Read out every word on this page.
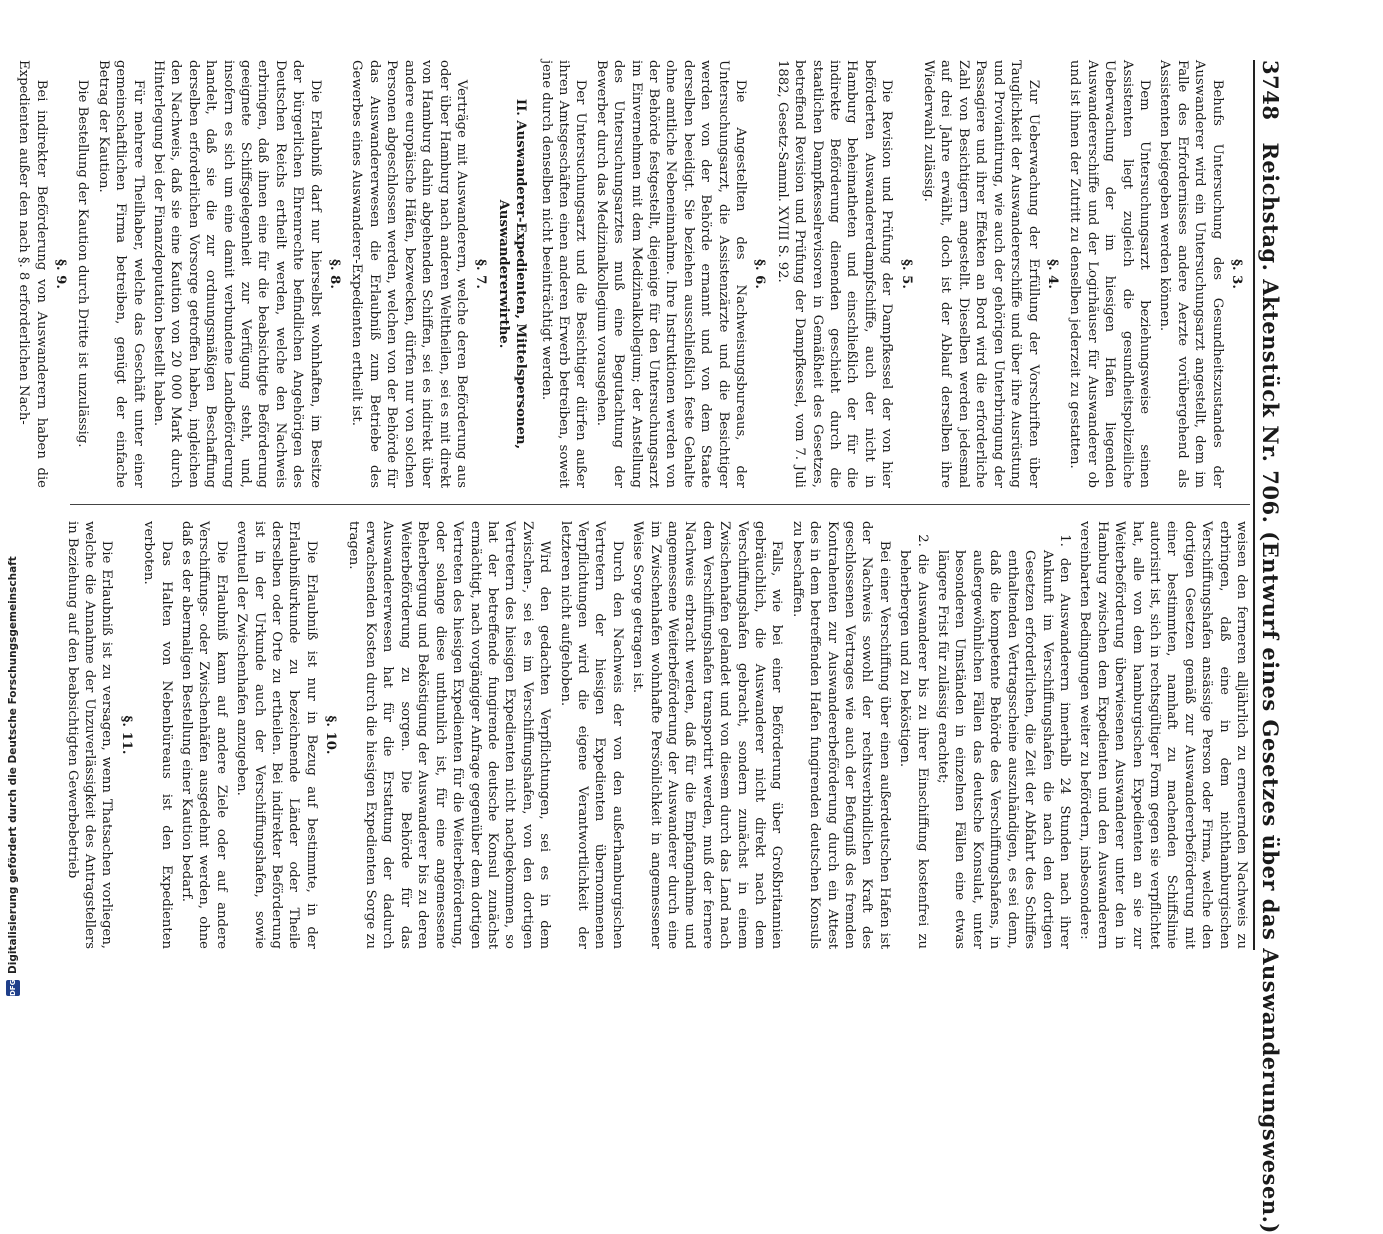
3748
Reichstag. Aktenstück Nr. 706. (Entwurf eines Gesetzes über das Auswanderungswesen.)

§. 3.

Behufs Untersuchung des Gesundheitszustandes der Auswanderer wird ein Untersuchungsarzt angestellt, dem im Falle des Erfordernisses andere Aerzte vorübergehend als Assistenten beigegeben werden können.

Dem Untersuchungsarzt beziehungsweise seinen Assistenten liegt zugleich die gesundheitspolizeiliche Ueberwachung der im hiesigen Hafen liegenden Auswandererschiffe und der Logirhäuser für Auswanderer ob und ist ihnen der Zutritt zu denselben jederzeit zu gestatten.

§. 4.

Zur Ueberwachung der Erfüllung der Vorschriften über Tauglichkeit der Auswandererschiffe und über ihre Ausrüstung und Proviantirung, wie auch der gehörigen Unterbringung der Passagiere und ihrer Effekten an Bord wird die erforderliche Zahl von Besichtigern angestellt. Dieselben werden jedesmal auf drei Jahre erwählt, doch ist der Ablauf derselben ihre Wiederwahl zulässig.

§. 5.

Die Revision und Prüfung der Dampfkessel der von hier beförderten Auswandererdampfschiffe, auch der nicht in Hamburg beheimatheten und einschließlich der für die indirekte Beförderung dienenden geschieht durch die staatlichen Dampfkesselrevisoren in Gemäßheit des Gesetzes, betreffend Revision und Prüfung der Dampfkessel, vom 7. Juli 1882, Gesetz-Samml. XVIII S. 92.

§. 6.

Die Angestellten des Nachweisungsbureaus, der Untersuchungsarzt, die Assistenzärzte und die Besichtiger werden von der Behörde ernannt und von dem Staate derselben beeidigt. Sie beziehen ausschließlich feste Gehalte ohne amtliche Nebeneinnahme. Ihre Instruktionen werden von der Behörde festgestellt, diejenige für den Untersuchungsarzt im Einvernehmen mit dem Medizinalkollegium; der Anstellung des Untersuchungsarztes muß eine Begutachtung der Bewerber durch das Medizinalkollegium vorausgehen.

Der Untersuchungsarzt und die Besichtiger dürfen außer ihren Amtsgeschäften einen anderen Erwerb betreiben, soweit jene durch denselben nicht beeinträchtigt werden.

II. Auswanderer-Expedienten, Mittelspersonen, Auswandererwirthe.

§. 7.

Verträge mit Auswanderern, welche deren Beförderung aus oder über Hamburg nach anderen Welttheilen, sei es mit direkt von Hamburg dahin abgehenden Schiffen, sei es indirekt über andere europäische Häfen, bezwecken, dürfen nur von solchen Personen abgeschlossen werden, welchen von der Behörde für das Auswandererwesen die Erlaubniß zum Betriebe des Gewerbes eines Auswanderer-Expedienten ertheilt ist.

§. 8.

Die Erlaubniß darf nur hierselbst wohnhaften, im Besitze der bürgerlichen Ehrenrechte befindlichen Angehörigen des Deutschen Reichs ertheilt werden, welche den Nachweis erbringen, daß ihnen eine für die beabsichtigte Beförderung geeignete Schiffsgelegenheit zur Verfügung steht, und, insofern es sich um eine damit verbundene Landbeförderung handelt, daß sie die zur ordnungsmäßigen Beschaffung derselben erforderlichen Vorsorge getroffen haben, ingleichen den Nachweis, daß sie eine Kaution von 20 000 Mark durch Hinterlegung bei der Finanzdeputation bestellt haben.

Für mehrere Theilhaber, welche das Geschäft unter einer gemeinschaftlichen Firma betreiben, genügt der einfache Betrag der Kaution.

Die Bestellung der Kaution durch Dritte ist unzulässig.

§. 9.

Bei indirekter Beförderung von Auswanderern haben die Expedienten außer den nach §. 8 erforderlichen Nach-

weisen den ferneren alljährlich zu erneuernden Nachweis zu erbringen, daß eine in dem nichthamburgischen Verschiffungshafen ansässige Person oder Firma, welche den dortigen Gesetzen gemäß zur Auswandererbeförderung mit einer bestimmten, namhaft zu machenden Schiffslinie autorisirt ist, sich in rechtsgültiger Form gegen sie verpflichtet hat, alle von dem hamburgischen Expedienten an sie zur Weiterbeförderung überwiesenen Auswanderer unter den in Hamburg zwischen dem Expedienten und den Auswanderern vereinbarten Bedingungen weiter zu befördern, insbesondere:

1. den Auswanderern innerhalb 24 Stunden nach ihrer Ankunft im Verschiffungshafen die nach den dortigen Gesetzen erforderlichen, die Zeit der Abfahrt des Schiffes enthaltenden Vertragsscheine auszuhändigen, es sei denn, daß die kompetente Behörde des Verschiffungshafens, in außergewöhnlichen Fällen das deutsche Konsulat, unter besonderen Umständen in einzelnen Fällen eine etwas längere Frist für zulässig erachtet;

2. die Auswanderer bis zu ihrer Einschiffung kostenfrei zu beherbergen und zu beköstigen.

Bei einer Verschiffung über einen außerdeutschen Hafen ist der Nachweis sowohl der rechtsverbindlichen Kraft des geschlossenen Vertrages wie auch der Befugniß des fremden Kontrahenten zur Auswandererbeförderung durch ein Attest des in dem betreffenden Hafen fungirenden deutschen Konsuls zu beschaffen.

Falls, wie bei einer Beförderung über Großbritannien gebräuchlich, die Auswanderer nicht direkt nach dem Verschiffungshafen gebracht, sondern zunächst in einem Zwischenhafen gelandet und von diesem durch das Land nach dem Verschiffungshafen transportirt werden, muß der fernere Nachweis erbracht werden, daß für die Empfangnahme und angemessene Weiterbeförderung der Auswanderer durch eine im Zwischenhafen wohnhafte Persönlichkeit in angemessener Weise Sorge getragen ist.

Durch den Nachweis der von den außerhamburgischen Vertretern der hiesigen Expedienten übernommenen Verpflichtungen wird die eigene Verantwortlichkeit der letzteren nicht aufgehoben.

Wird den gedachten Verpflichtungen, sei es in dem Zwischen-, sei es im Verschiffungshafen, von den dortigen Vertretern des hiesigen Expedienten nicht nachgekommen, so hat der betreffende fungirende deutsche Konsul zunächst ermächtigt, nach vorgängiger Anfrage gegenüber dem dortigen Vertreten des hiesigen Expedienten für die Weiterbeförderung, oder solange diese unthunlich ist, für eine angemessene Beherbergung und Beköstigung der Auswanderer bis zu deren Weiterbeförderung zu sorgen. Die Behörde für das Auswandererwesen hat für die Erstattung der dadurch erwachsenden Kosten durch die hiesigen Expedienten Sorge zu tragen.

§. 10.

Die Erlaubniß ist nur in Bezug auf bestimmte, in der Erlaubnißurkunde zu bezeichnende Länder oder Theile derselben oder Orte zu ertheilen. Bei indirekter Beförderung ist in der Urkunde auch der Verschiffungshafen, sowie eventuell der Zwischenhafen anzugeben.

Die Erlaubniß kann auf andere Ziele oder auf andere Verschiffungs- oder Zwischenhäfen ausgedehnt werden, ohne daß es der abermaligen Bestellung einer Kaution bedarf.

Das Halten von Nebenbüreaus ist den Expedienten verboten.

§. 11.

Die Erlaubniß ist zu versagen, wenn Thatsachen vorliegen, welche die Annahme der Unzuverlässigkeit des Antragstellers in Beziehung auf den beabsichtigten Gewerbebetrieb

DFG
Digitalisierung gefördert durch die Deutsche Forschungsgemeinschaft
